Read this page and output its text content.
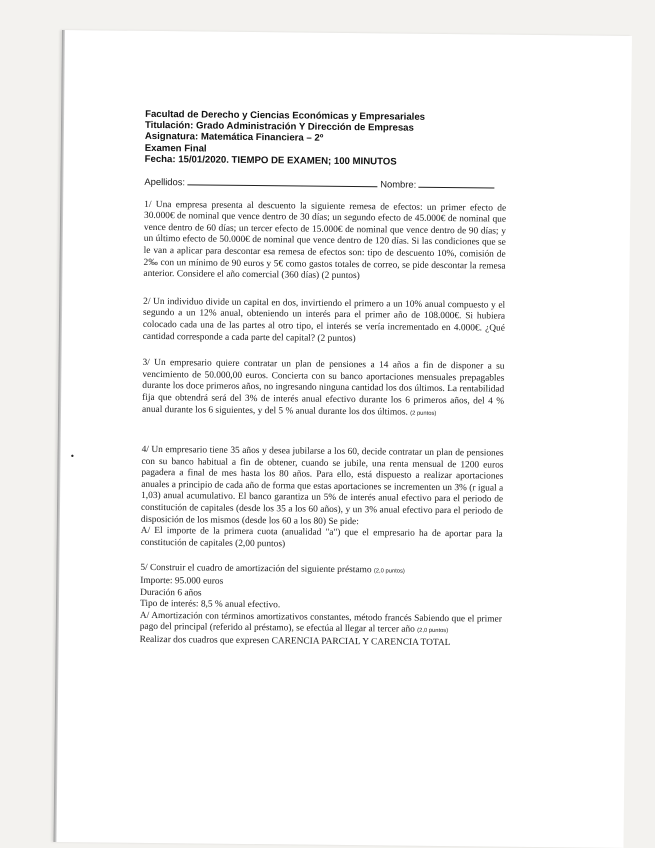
Facultad de Derecho y Ciencias Económicas y Empresariales
Titulación: Grado Administración Y Dirección de Empresas
Asignatura: Matemática Financiera – 2º
Examen Final
Fecha: 15/01/2020. TIEMPO DE EXAMEN; 100 MINUTOS
Apellidos:	Nombre:
1/ Una empresa presenta al descuento la siguiente remesa de efectos: un primer efecto de 30.000€ de nominal que vence dentro de 30 días; un segundo efecto de 45.000€ de nominal que vence dentro de 60 días; un tercer efecto de 15.000€ de nominal que vence dentro de 90 días; y un último efecto de 50.000€ de nominal que vence dentro de 120 días. Si las condiciones que se le van a aplicar para descontar esa remesa de efectos son: tipo de descuento 10%, comisión de 2‰ con un mínimo de 90 euros y 5€ como gastos totales de correo, se pide descontar la remesa anterior. Considere el año comercial (360 días) (2 puntos)
2/ Un individuo divide un capital en dos, invirtiendo el primero a un 10% anual compuesto y el segundo a un 12% anual, obteniendo un interés para el primer año de 108.000€. Si hubiera colocado cada una de las partes al otro tipo, el interés se vería incrementado en 4.000€. ¿Qué cantidad corresponde a cada parte del capital? (2 puntos)
3/ Un empresario quiere contratar un plan de pensiones a 14 años a fin de disponer a su vencimiento de 50.000,00 euros. Concierta con su banco aportaciones mensuales prepagables durante los doce primeros años, no ingresando ninguna cantidad los dos últimos. La rentabilidad fija que obtendrá será del 3% de interés anual efectivo durante los 6 primeros años, del 4 % anual durante los 6 siguientes, y del 5 % anual durante los dos últimos. (2 puntos)
4/ Un empresario tiene 35 años y desea jubilarse a los 60, decide contratar un plan de pensiones con su banco habitual a fin de obtener, cuando se jubile, una renta mensual de 1200 euros pagadera a final de mes hasta los 80 años. Para ello, está dispuesto a realizar aportaciones anuales a principio de cada año de forma que estas aportaciones se incrementen un 3% (r igual a 1,03) anual acumulativo. El banco garantiza un 5% de interés anual efectivo para el periodo de constitución de capitales (desde los 35 a los 60 años), y un 3% anual efectivo para el periodo de disposición de los mismos (desde los 60 a los 80) Se pide:
A/ El importe de la primera cuota (anualidad "a") que el empresario ha de aportar para la constitución de capitales (2,00 puntos)
5/ Construir el cuadro de amortización del siguiente préstamo (2,0 puntos)
Importe: 95.000 euros
Duración 6 años
Tipo de interés: 8,5 % anual efectivo.
A/ Amortización con términos amortizativos constantes, método francés Sabiendo que el primer pago del principal (referido al préstamo), se efectúa al llegar al tercer año (2,0 puntos)
Realizar dos cuadros que expresen CARENCIA PARCIAL Y CARENCIA TOTAL
•
